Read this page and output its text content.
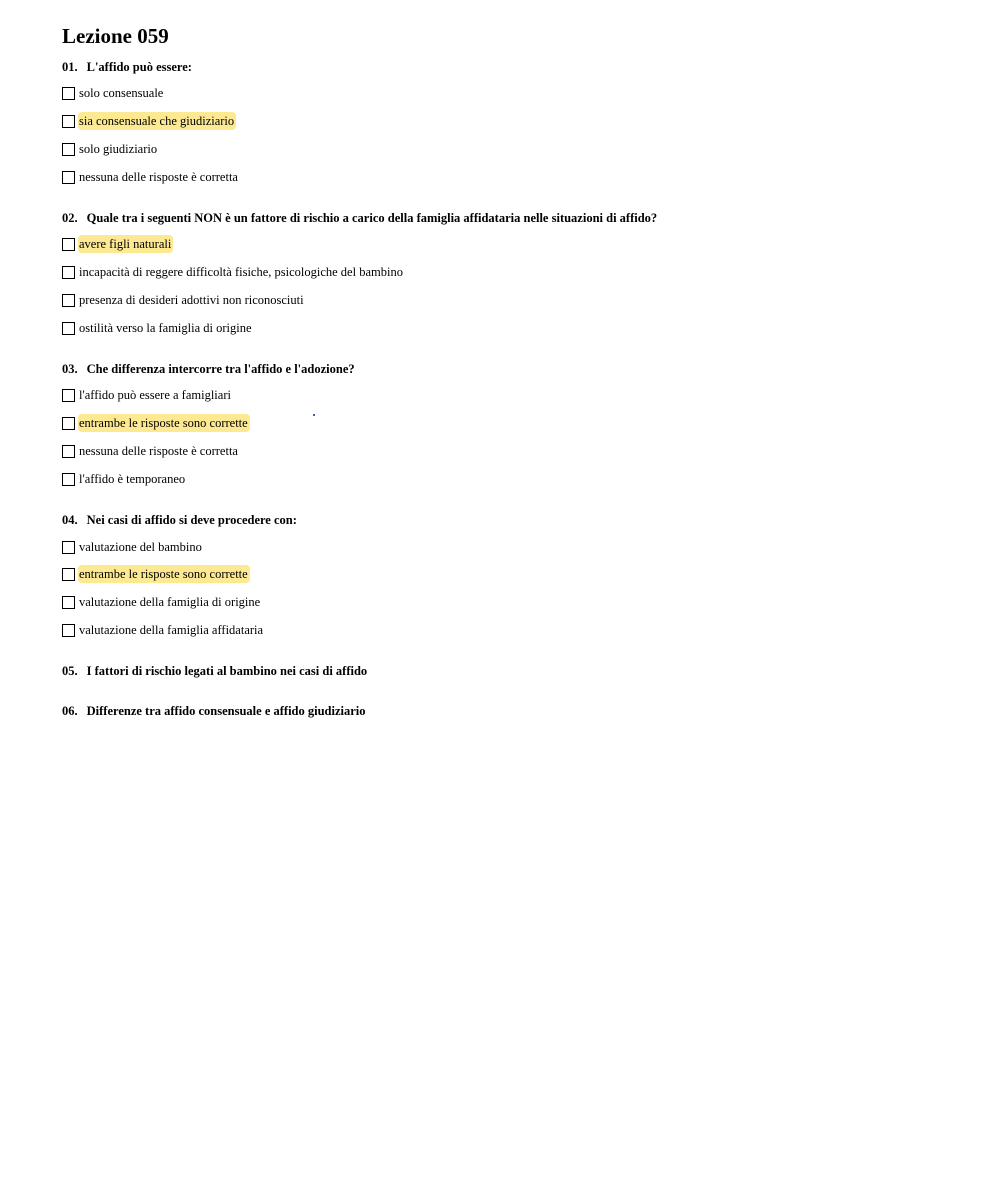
Lezione 059
01. L'affido può essere:
solo consensuale
sia consensuale che giudiziario
solo giudiziario
nessuna delle risposte è corretta
02. Quale tra i seguenti NON è un fattore di rischio a carico della famiglia affidataria nelle situazioni di affido?
avere figli naturali
incapacità di reggere difficoltà fisiche, psicologiche del bambino
presenza di desideri adottivi non riconosciuti
ostilità verso la famiglia di origine
03. Che differenza intercorre tra l'affido e l'adozione?
l'affido può essere a famigliari
entrambe le risposte sono corrette
nessuna delle risposte è corretta
l'affido è temporaneo
04. Nei casi di affido si deve procedere con:
valutazione del bambino
entrambe le risposte sono corrette
valutazione della famiglia di origine
valutazione della famiglia affidataria
05. I fattori di rischio legati al bambino nei casi di affido
06. Differenze tra affido consensuale e affido giudiziario
